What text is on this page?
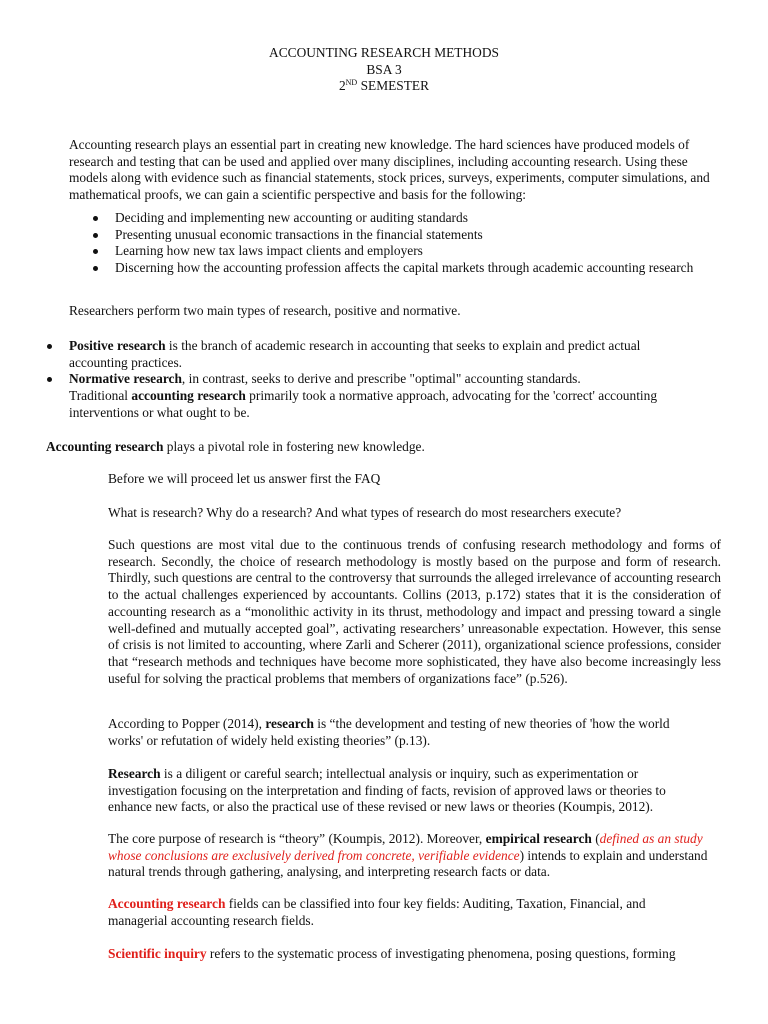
ACCOUNTING RESEARCH METHODS
BSA 3
2ND SEMESTER

Accounting research plays an essential part in creating new knowledge. The hard sciences have produced models of research and testing that can be used and applied over many disciplines, including accounting research. Using these models along with evidence such as financial statements, stock prices, surveys, experiments, computer simulations, and mathematical proofs, we can gain a scientific perspective and basis for the following:

Deciding and implementing new accounting or auditing standards
Presenting unusual economic transactions in the financial statements
Learning how new tax laws impact clients and employers
Discerning how the accounting profession affects the capital markets through academic accounting research

Researchers perform two main types of research, positive and normative.

Positive research is the branch of academic research in accounting that seeks to explain and predict actual accounting practices.
Normative research, in contrast, seeks to derive and prescribe "optimal" accounting standards.
Traditional accounting research primarily took a normative approach, advocating for the 'correct' accounting interventions or what ought to be.

Accounting research plays a pivotal role in fostering new knowledge.

Before we will proceed let us answer first the FAQ

What is research? Why do a research? And what types of research do most researchers execute?

Such questions are most vital due to the continuous trends of confusing research methodology and forms of research. Secondly, the choice of research methodology is mostly based on the purpose and form of research. Thirdly, such questions are central to the controversy that surrounds the alleged irrelevance of accounting research to the actual challenges experienced by accountants. Collins (2013, p.172) states that it is the consideration of accounting research as a “monolithic activity in its thrust, methodology and impact and pressing toward a single well-defined and mutually accepted goal”, activating researchers’ unreasonable expectation. However, this sense of crisis is not limited to accounting, where Zarli and Scherer (2011), organizational science professions, consider that “research methods and techniques have become more sophisticated, they have also become increasingly less useful for solving the practical problems that members of organizations face” (p.526).

According to Popper (2014), research is “the development and testing of new theories of 'how the world works' or refutation of widely held existing theories” (p.13).

Research is a diligent or careful search; intellectual analysis or inquiry, such as experimentation or investigation focusing on the interpretation and finding of facts, revision of approved laws or theories to enhance new facts, or also the practical use of these revised or new laws or theories (Koumpis, 2012).

The core purpose of research is “theory” (Koumpis, 2012). Moreover, empirical research (defined as an study whose conclusions are exclusively derived from concrete, verifiable evidence) intends to explain and understand natural trends through gathering, analysing, and interpreting research facts or data.

Accounting research fields can be classified into four key fields: Auditing, Taxation, Financial, and managerial accounting research fields.

Scientific inquiry refers to the systematic process of investigating phenomena, posing questions, forming
